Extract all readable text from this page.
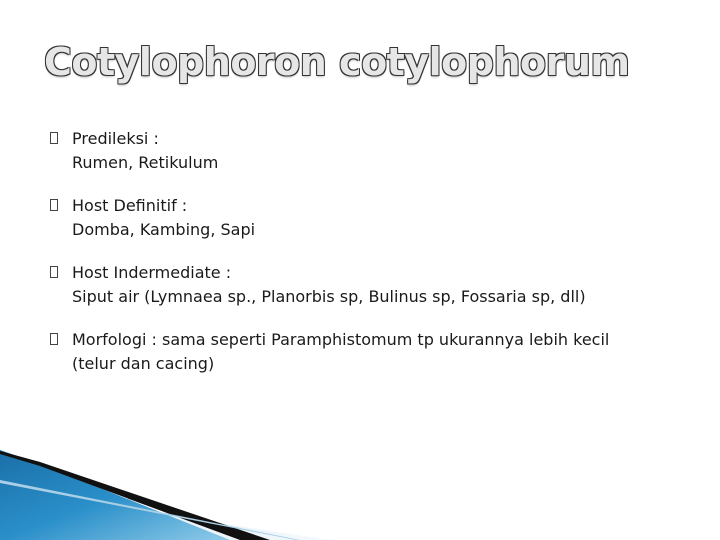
Cotylophoron cotylophorum
Predileksi :
Rumen, Retikulum
Host Definitif :
Domba, Kambing, Sapi
Host Indermediate :
Siput air (Lymnaea sp., Planorbis sp, Bulinus sp, Fossaria sp, dll)
Morfologi : sama seperti Paramphistomum tp ukurannya lebih kecil
(telur dan cacing)
